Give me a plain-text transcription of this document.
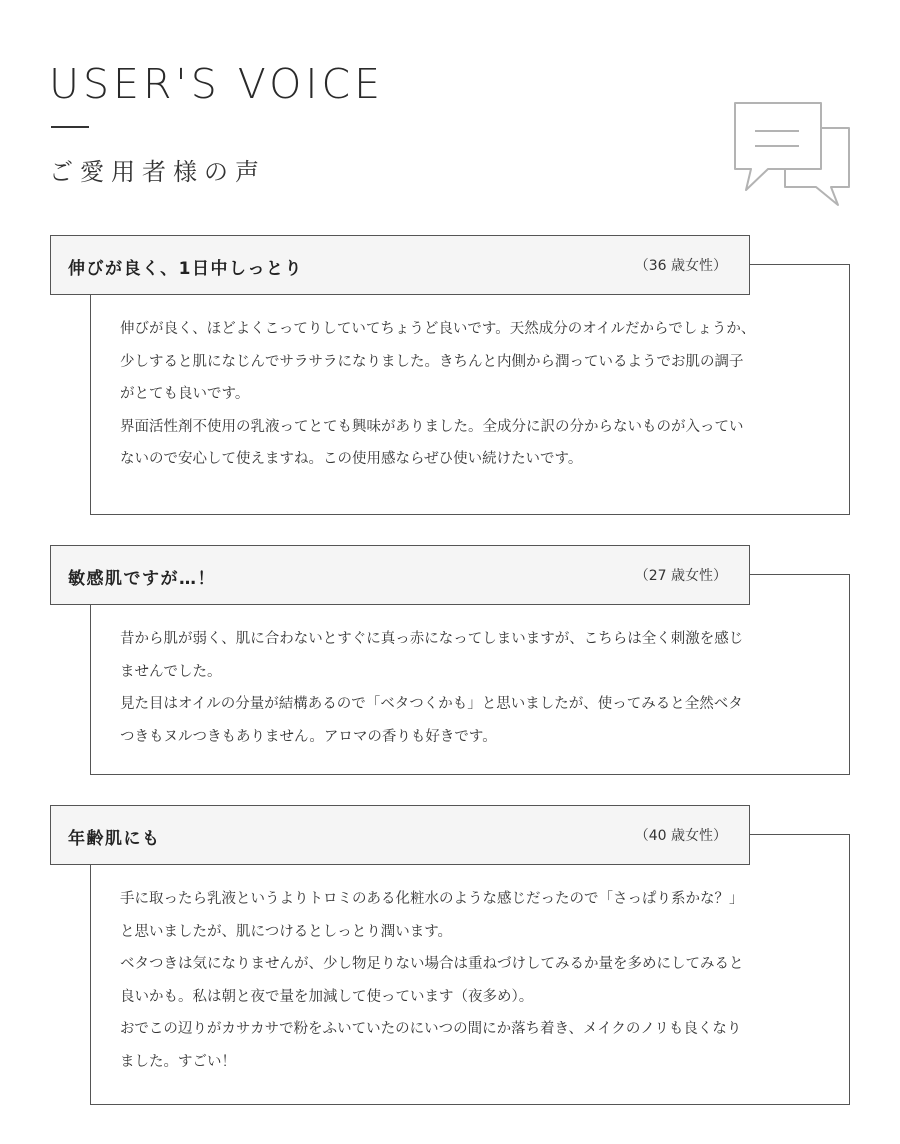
USER'S VOICE
ご愛用者様の声
伸びが良く、1日中しっとり	（36 歳女性）

伸びが良く、ほどよくこってりしていてちょうど良いです。天然成分のオイルだからでしょうか、

少しすると肌になじんでサラサラになりました。きちんと内側から潤っているようでお肌の調子

がとても良いです。

界面活性剤不使用の乳液ってとても興味がありました。全成分に訳の分からないものが入ってい

ないので安心して使えますね。この使用感ならぜひ使い続けたいです。

敏感肌ですが…！	（27 歳女性）

昔から肌が弱く、肌に合わないとすぐに真っ赤になってしまいますが、こちらは全く刺激を感じ

ませんでした。

見た目はオイルの分量が結構あるので「ベタつくかも」と思いましたが、使ってみると全然ベタ

つきもヌルつきもありません。アロマの香りも好きです。

年齢肌にも	（40 歳女性）

手に取ったら乳液というよりトロミのある化粧水のような感じだったので「さっぱり系かな？」

と思いましたが、肌につけるとしっとり潤います。

ベタつきは気になりませんが、少し物足りない場合は重ねづけしてみるか量を多めにしてみると

良いかも。私は朝と夜で量を加減して使っています（夜多め）。

おでこの辺りがカサカサで粉をふいていたのにいつの間にか落ち着き、メイクのノリも良くなり

ました。すごい！
